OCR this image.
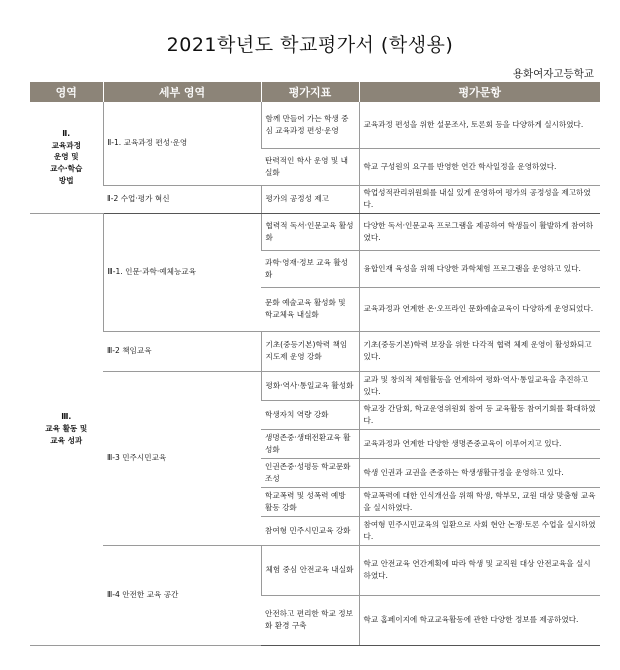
2021학년도 학교평가서 (학생용)
용화여자고등학교
영역	세부 영역	평가지표	평가문항

Ⅱ.
교육과정
운영 및
교수·학습
방법	Ⅱ-1. 교육과정 편성·운영	함께 만들어 가는 학생 중심 교육과정 편성·운영	교육과정 편성을 위한 설문조사, 토론회 등을 다양하게 실시하였다.
		탄력적인 학사 운영 및 내실화	학교 구성원의 요구를 반영한 연간 학사일정을 운영하였다.
	Ⅱ-2 수업·평가 혁신	평가의 공정성 제고	학업성적관리위원회를 내실 있게 운영하여 평가의 공정성을 제고하였다.

Ⅲ.
교육 활동 및
교육 성과	Ⅲ-1. 인문·과학·예체능교육	협력적 독서·인문교육 활성화	다양한 독서·인문교육 프로그램을 제공하여 학생들이 활발하게 참여하였다.
		과학·영재·정보 교육 활성화	융합인재 육성을 위해 다양한 과학체험 프로그램을 운영하고 있다.
		문화 예술교육 활성화 및 학교체육 내실화	교육과정과 연계한 온·오프라인 문화예술교육이 다양하게 운영되었다.
	Ⅲ-2 책임교육	기초(중등기본)학력 책임지도제 운영 강화	기초(중등기본)학력 보장을 위한 다각적 협력 체제 운영이 활성화되고 있다.
	Ⅲ-3 민주시민교육	평화·역사·통일교육 활성화	교과 및 창의적 체험활동을 연계하여 평화·역사·통일교육을 추진하고 있다.
		학생자치 역량 강화	학교장 간담회, 학교운영위원회 참여 등 교육활동 참여기회를 확대하였다.
		생명존중·생태전환교육 활성화	교육과정과 연계한 다양한 생명존중교육이 이루어지고 있다.
		인권존중·성평등 학교문화 조성	학생 인권과 교권을 존중하는 학생생활규정을 운영하고 있다.
		학교폭력 및 성폭력 예방 활동 강화	학교폭력에 대한 인식개선을 위해 학생, 학부모, 교원 대상 맞춤형 교육을 실시하였다.
		참여형 민주시민교육 강화	참여형 민주시민교육의 일환으로 사회 현안 논쟁·토론 수업을 실시하였다.
	Ⅲ-4 안전한 교육 공간	체험 중심 안전교육 내실화	학교 안전교육 연간계획에 따라 학생 및 교직원 대상 안전교육을 실시하였다.
		안전하고 편리한 학교 정보화 환경 구축	학교 홈페이지에 학교교육활동에 관한 다양한 정보를 제공하였다.
